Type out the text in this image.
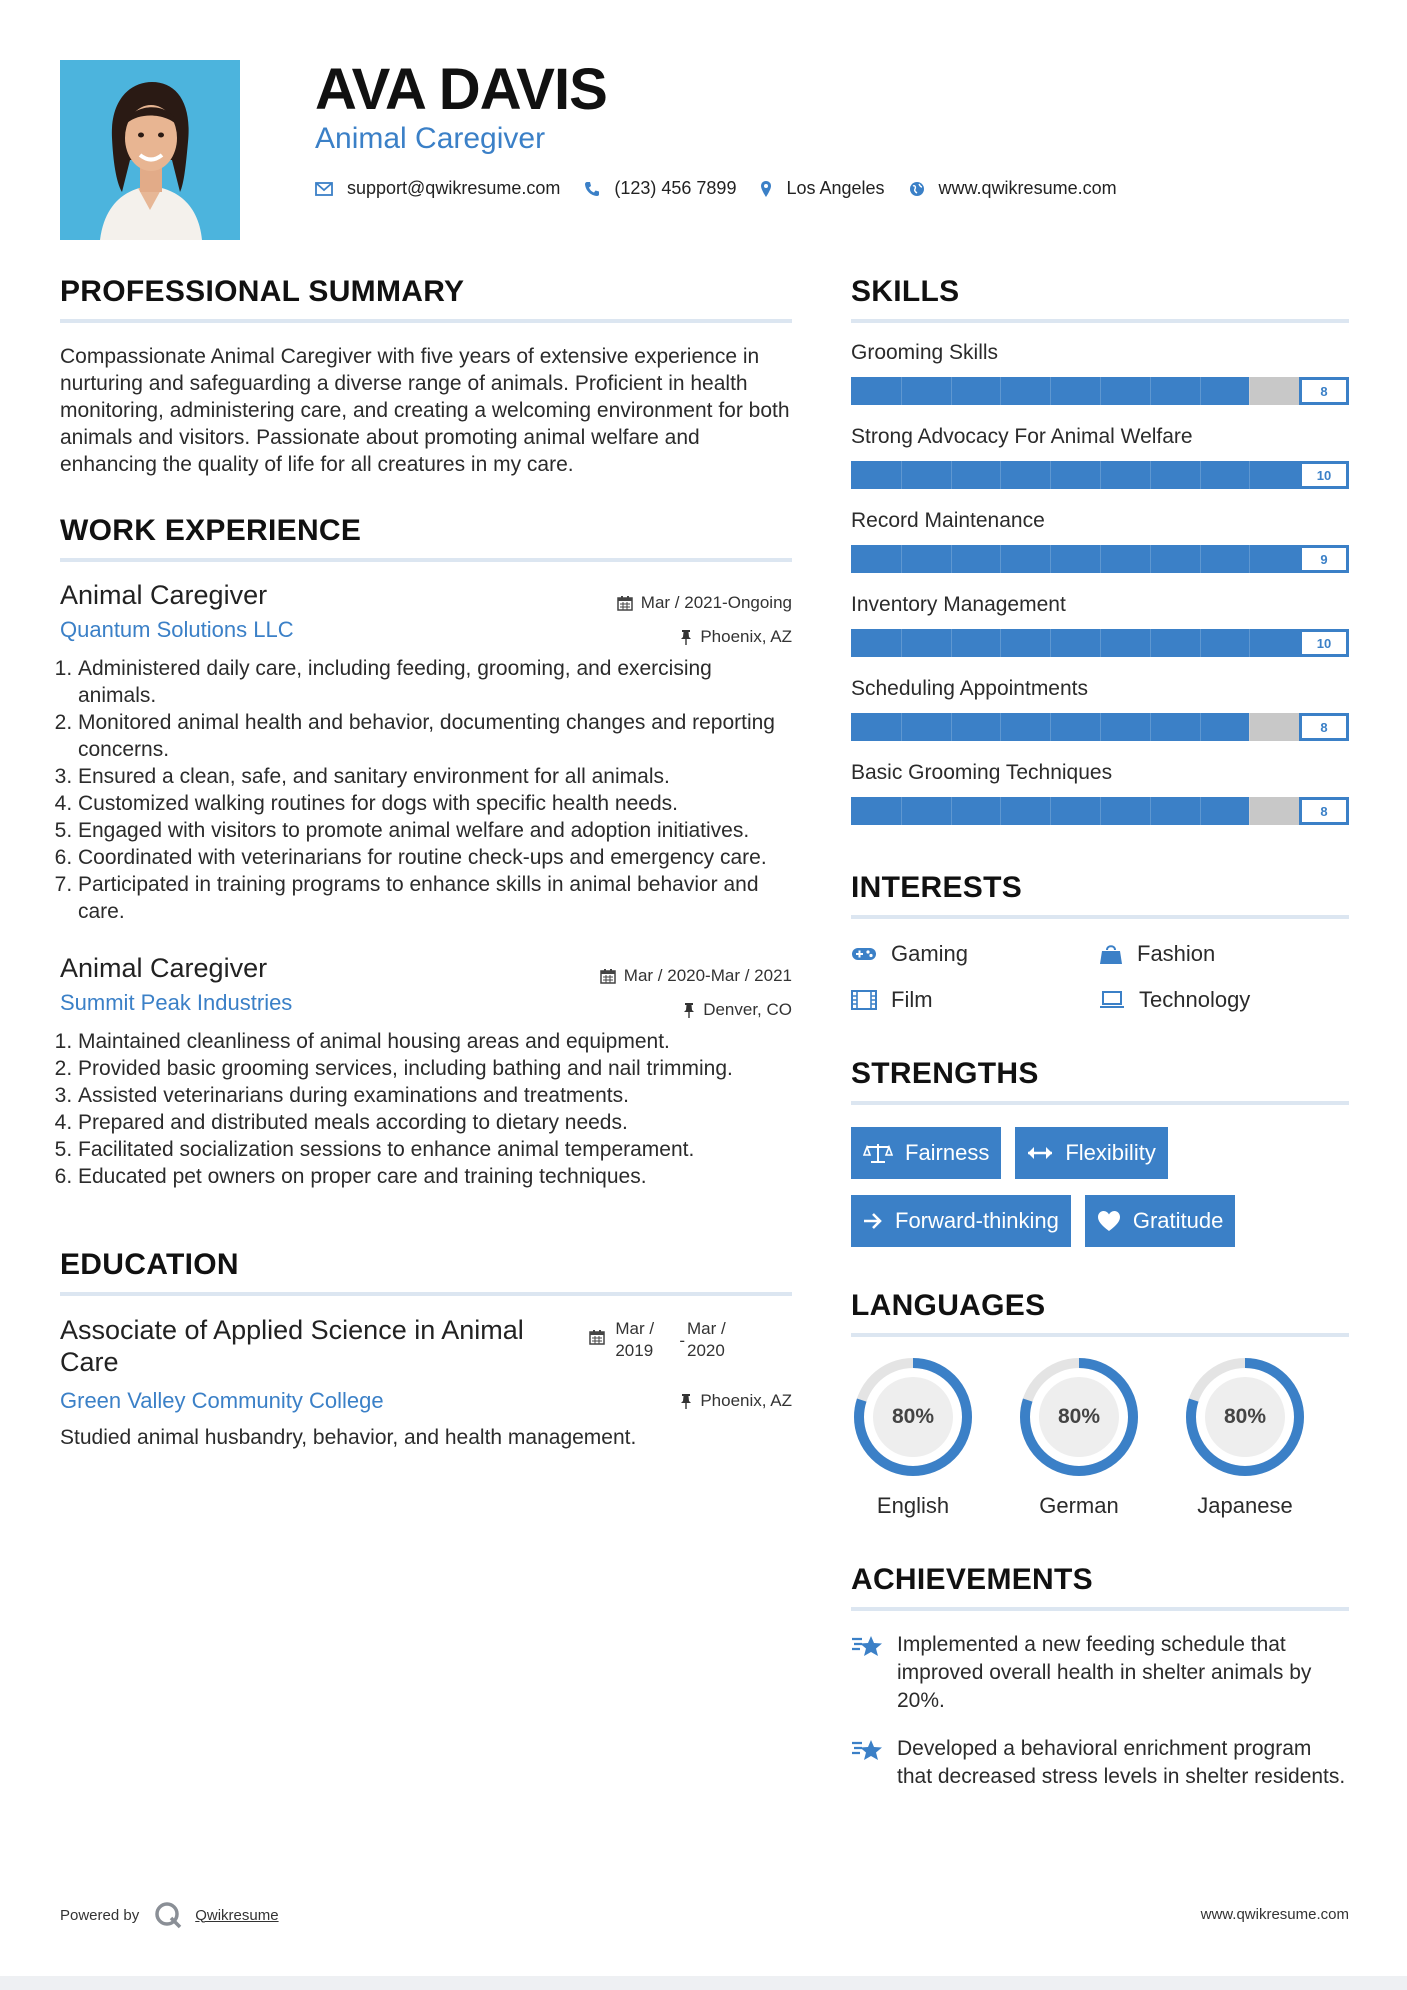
AVA DAVIS
Animal Caregiver
support@qwikresume.com	(123) 456 7899	Los Angeles	www.qwikresume.com
PROFESSIONAL SUMMARY
Compassionate Animal Caregiver with five years of extensive experience in nurturing and safeguarding a diverse range of animals. Proficient in health monitoring, administering care, and creating a welcoming environment for both animals and visitors. Passionate about promoting animal welfare and enhancing the quality of life for all creatures in my care.
WORK EXPERIENCE
Animal Caregiver
Quantum Solutions LLC
Mar / 2021-Ongoing
Phoenix, AZ
1. Administered daily care, including feeding, grooming, and exercising animals.
2. Monitored animal health and behavior, documenting changes and reporting concerns.
3. Ensured a clean, safe, and sanitary environment for all animals.
4. Customized walking routines for dogs with specific health needs.
5. Engaged with visitors to promote animal welfare and adoption initiatives.
6. Coordinated with veterinarians for routine check-ups and emergency care.
7. Participated in training programs to enhance skills in animal behavior and care.
Animal Caregiver
Summit Peak Industries
Mar / 2020-Mar / 2021
Denver, CO
1. Maintained cleanliness of animal housing areas and equipment.
2. Provided basic grooming services, including bathing and nail trimming.
3. Assisted veterinarians during examinations and treatments.
4. Prepared and distributed meals according to dietary needs.
5. Facilitated socialization sessions to enhance animal temperament.
6. Educated pet owners on proper care and training techniques.
EDUCATION
Associate of Applied Science in Animal Care
Green Valley Community College
Mar /
2019
-
Mar /
2020
Phoenix, AZ
Studied animal husbandry, behavior, and health management.
SKILLS
Grooming Skills
8
Strong Advocacy For Animal Welfare
10
Record Maintenance
9
Inventory Management
10
Scheduling Appointments
8
Basic Grooming Techniques
8
INTERESTS
Gaming	Fashion
Film	Technology
STRENGTHS
Fairness	Flexibility
Forward-thinking	Gratitude
LANGUAGES
80%
English
80%
German
80%
Japanese
ACHIEVEMENTS
Implemented a new feeding schedule that improved overall health in shelter animals by 20%.
Developed a behavioral enrichment program that decreased stress levels in shelter residents.
Powered by	Qwikresume	www.qwikresume.com
